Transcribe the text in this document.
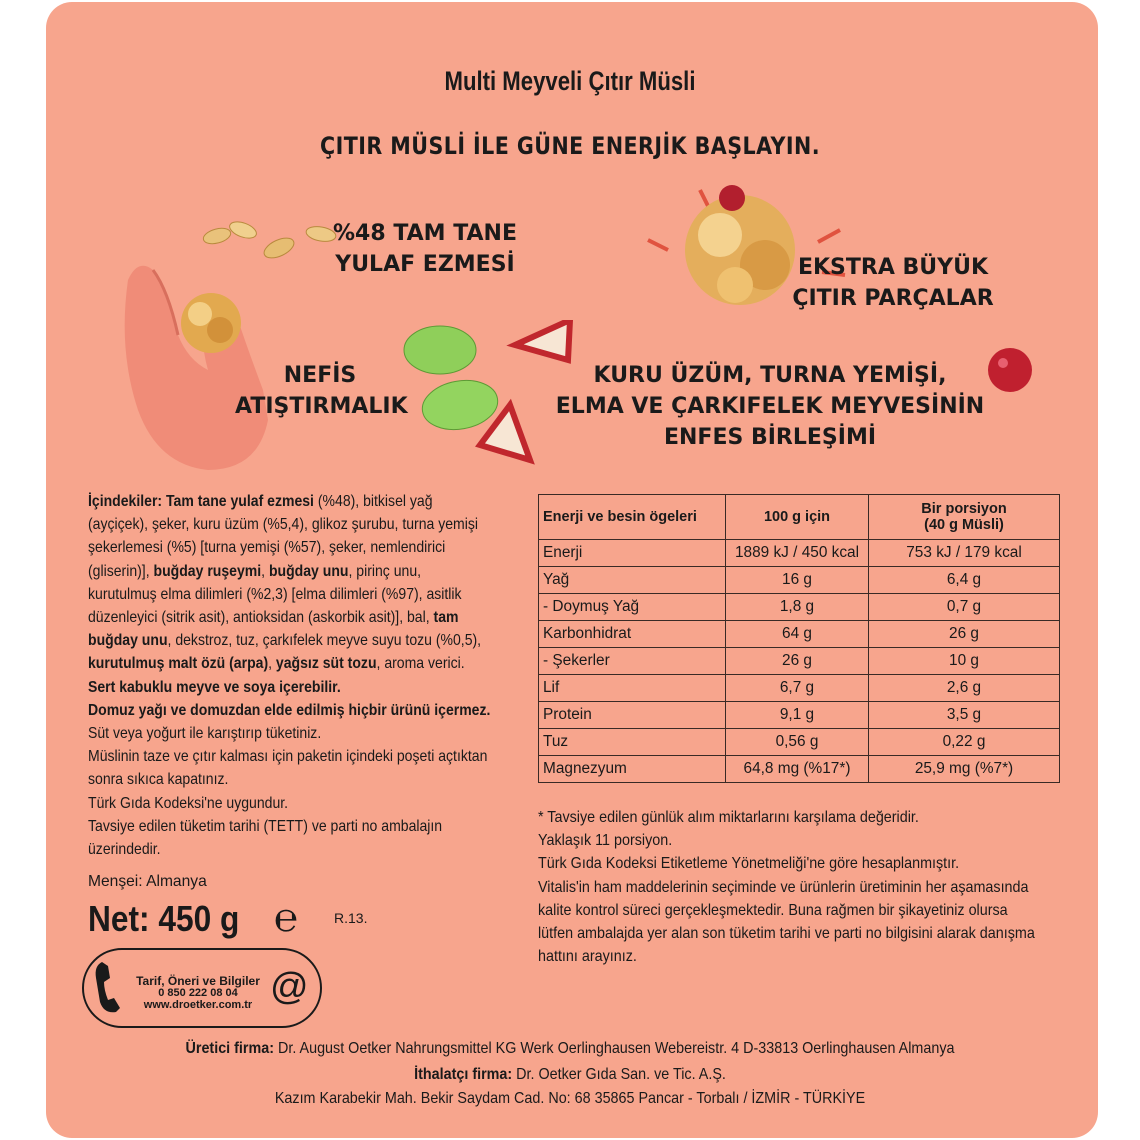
Multi Meyveli Çıtır Müsli
ÇITIR MÜSLİ İLE GÜNE ENERJİK BAŞLAYIN.
%48 TAM TANE
YULAF EZMESİ	EKSTRA BÜYÜK
ÇITIR PARÇALAR
NEFİS
ATIŞTIRMALIK
KURU ÜZÜM, TURNA YEMİŞİ,
ELMA VE ÇARKIFELEK MEYVESİNİN
ENFES BİRLEŞİMİ

İçindekiler: Tam tane yulaf ezmesi (%48), bitkisel yağ (ayçiçek), şeker, kuru üzüm (%5,4), glikoz şurubu, turna yemişi şekerlemesi (%5) [turna yemişi (%57), şeker, nemlendirici (gliserin)], buğday ruşeymi, buğday unu, pirinç unu, kurutulmuş elma dilimleri (%2,3) [elma dilimleri (%97), asitlik düzenleyici (sitrik asit), antioksidan (askorbik asit)], bal, tam buğday unu, dekstroz, tuz, çarkıfelek meyve suyu tozu (%0,5), kurutulmuş malt özü (arpa), yağsız süt tozu, aroma verici.

Sert kabuklu meyve ve soya içerebilir.

Domuz yağı ve domuzdan elde edilmiş hiçbir ürünü içermez.

Süt veya yoğurt ile karıştırıp tüketiniz.

Müslinin taze ve çıtır kalması için paketin içindeki poşeti açtıktan sonra sıkıca kapatınız.

Türk Gıda Kodeksi'ne uygundur.

Tavsiye edilen tüketim tarihi (TETT) ve parti no ambalajın üzerindedir.

Menşei: Almanya
Net: 450 g ℮	R.13.
Enerji ve besin ögeleri	100 g için	Bir porsiyon
(40 g Müsli)
Enerji	1889 kJ / 450 kcal	753 kJ / 179 kcal
Yağ	16 g	6,4 g
- Doymuş Yağ	1,8 g	0,7 g
Karbonhidrat	64 g	26 g
- Şekerler	26 g	10 g
Lif	6,7 g	2,6 g
Protein	9,1 g	3,5 g
Tuz	0,56 g	0,22 g
Magnezyum	64,8 mg (%17*)	25,9 mg (%7*)

* Tavsiye edilen günlük alım miktarlarını karşılama değeridir.

Yaklaşık 11 porsiyon.

Türk Gıda Kodeksi Etiketleme Yönetmeliği'ne göre hesaplanmıştır.

Vitalis'in ham maddelerinin seçiminde ve ürünlerin üretiminin her aşamasında kalite kontrol süreci gerçekleşmektedir. Buna rağmen bir şikayetiniz olursa lütfen ambalajda yer alan son tüketim tarihi ve parti no bilgisini alarak danışma hattını arayınız.

Tarif, Öneri ve Bilgiler
0 850 222 08 04
www.droetker.com.tr @
Üretici firma: Dr. August Oetker Nahrungsmittel KG Werk Oerlinghausen Webereistr. 4 D-33813 Oerlinghausen Almanya
İthalatçı firma: Dr. Oetker Gıda San. ve Tic. A.Ş.
Kazım Karabekir Mah. Bekir Saydam Cad. No: 68 35865 Pancar - Torbalı / İZMİR - TÜRKİYE
